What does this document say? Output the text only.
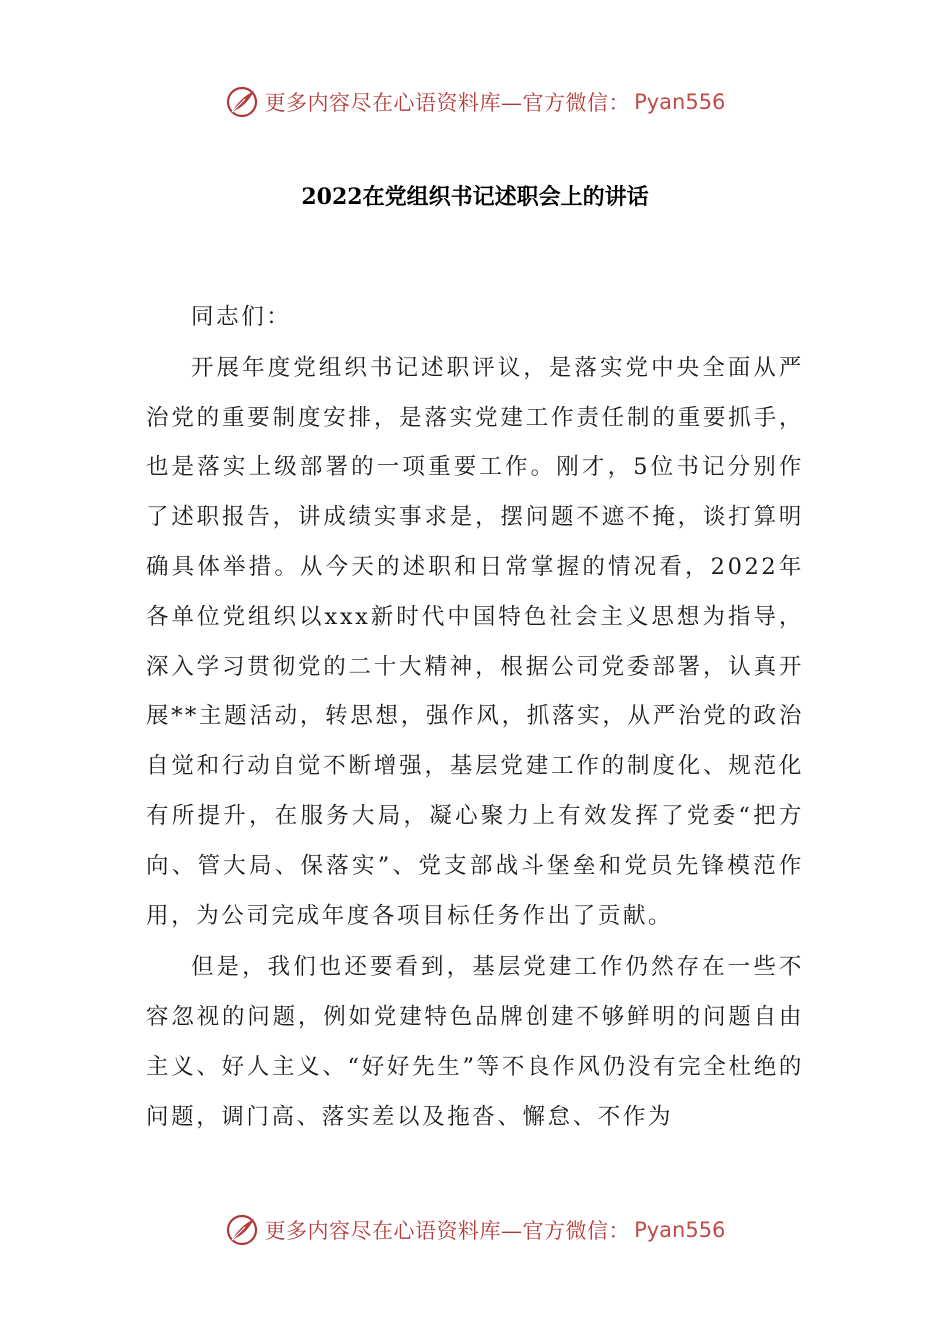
更多内容尽在心语资料库—官方微信： Pyan556
2022在党组织书记述职会上的讲话

同志们：

开展年度党组织书记述职评议，是落实党中央全面从严治党的重要制度安排，是落实党建工作责任制的重要抓手，也是落实上级部署的一项重要工作。刚才，5位书记分别作了述职报告，讲成绩实事求是，摆问题不遮不掩，谈打算明确具体举措。从今天的述职和日常掌握的情况看，2022年各单位党组织以xxx新时代中国特色社会主义思想为指导，深入学习贯彻党的二十大精神，根据公司党委部署，认真开展**主题活动，转思想，强作风，抓落实，从严治党的政治自觉和行动自觉不断增强，基层党建工作的制度化、规范化有所提升，在服务大局，凝心聚力上有效发挥了党委“把方向、管大局、保落实”、党支部战斗堡垒和党员先锋模范作用，为公司完成年度各项目标任务作出了贡献。

但是，我们也还要看到，基层党建工作仍然存在一些不容忽视的问题，例如党建特色品牌创建不够鲜明的问题自由主义、好人主义、“好好先生”等不良作风仍没有完全杜绝的问题，调门高、落实差以及拖沓、懈怠、不作为

更多内容尽在心语资料库—官方微信： Pyan556
